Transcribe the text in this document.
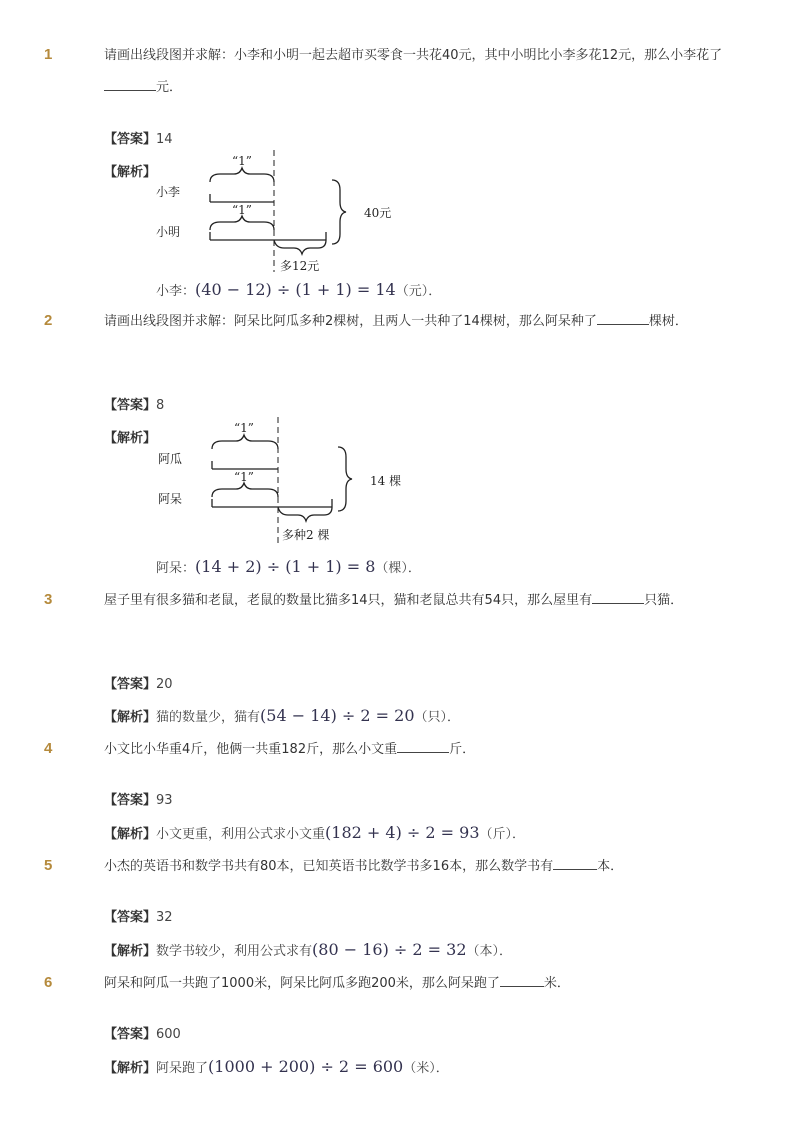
1	请画出线段图并求解：小李和小明一起去超市买零食一共花40元，其中小明比小李多花12元，那么小李花了元．
【答案】14
【解析】
“1”
小李
“1”
小明
多12元
40元
小李：(40 − 12) ÷ (1 + 1) = 14（元）．
2	请画出线段图并求解：阿呆比阿瓜多种2棵树，且两人一共种了14棵树，那么阿呆种了	棵树．
【答案】8
【解析】
“1”
阿瓜
“1”
阿呆
多种2 棵
14 棵
阿呆：(14 + 2) ÷ (1 + 1) = 8（棵）．
3	屋子里有很多猫和老鼠，老鼠的数量比猫多14只，猫和老鼠总共有54只，那么屋里有	只猫．
【答案】20
【解析】猫的数量少，猫有(54 − 14) ÷ 2 = 20（只）．
4	小文比小华重4斤，他俩一共重182斤，那么小文重	斤．
【答案】93
【解析】小文更重，利用公式求小文重(182 + 4) ÷ 2 = 93（斤）．
5	小杰的英语书和数学书共有80本，已知英语书比数学书多16本，那么数学书有	本．
【答案】32
【解析】数学书较少，利用公式求有(80 − 16) ÷ 2 = 32（本）．
6	阿呆和阿瓜一共跑了1000米，阿呆比阿瓜多跑200米，那么阿呆跑了	米．
【答案】600
【解析】阿呆跑了(1000 + 200) ÷ 2 = 600（米）．
